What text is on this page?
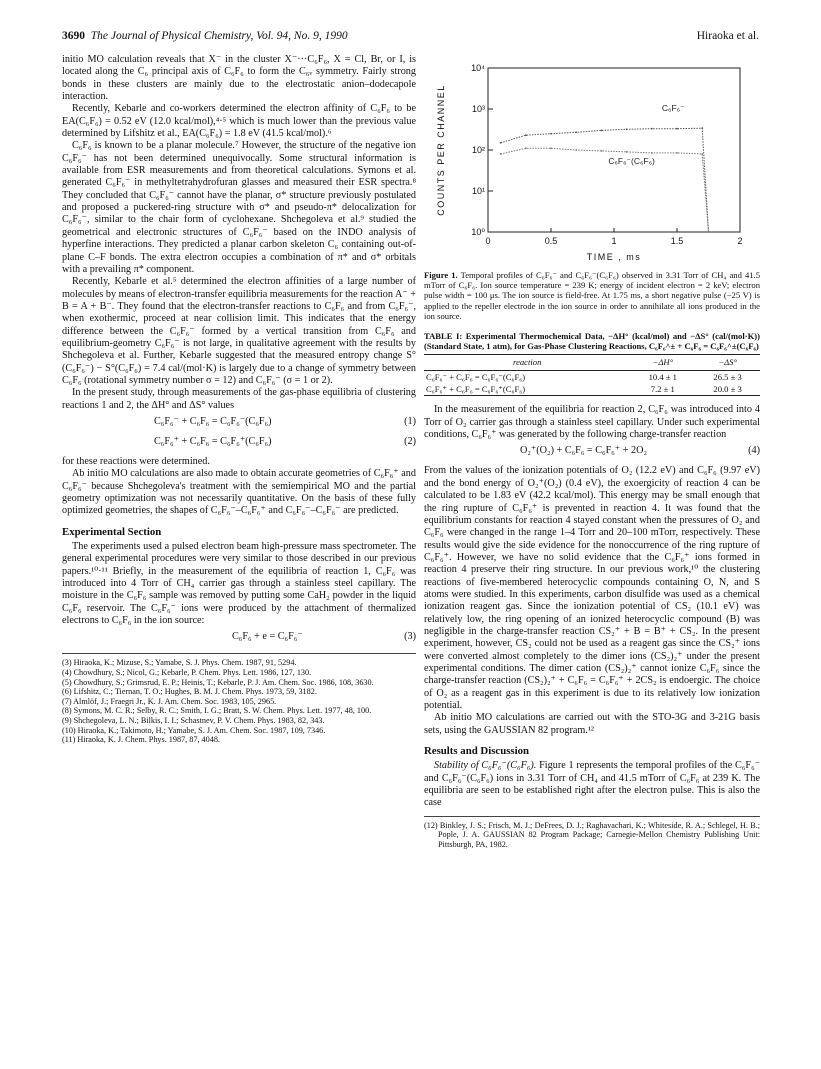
3690 The Journal of Physical Chemistry, Vol. 94, No. 9, 1990	Hiraoka et al.

initio MO calculation reveals that X⁻ in the cluster X⁻···C₆F₆, X = Cl, Br, or I, is located along the C₆ principal axis of C₆F₆ to form the C₆ᵥ symmetry. Fairly strong bonds in these clusters are mainly due to the electrostatic anion–dodecapole interaction.

Recently, Kebarle and co-workers determined the electron affinity of C₆F₆ to be EA(C₆F₆) = 0.52 eV (12.0 kcal/mol),⁴·⁵ which is much lower than the previous value determined by Lifshitz et al., EA(C₆F₆) = 1.8 eV (41.5 kcal/mol).⁶

C₆F₆ is known to be a planar molecule.⁷ However, the structure of the negative ion C₆F₆⁻ has not been determined unequivocally. Some structural information is available from ESR measurements and from theoretical calculations. Symons et al. generated C₆F₆⁻ in methyltetrahydrofuran glasses and measured their ESR spectra.⁸ They concluded that C₆F₆⁻ cannot have the planar, σ* structure previously postulated and proposed a puckered-ring structure with σ* and pseudo-π* delocalization for C₆F₆⁻, similar to the chair form of cyclohexane. Shchegoleva et al.⁹ studied the geometrical and electronic structures of C₆F₆⁻ based on the INDO analysis of hyperfine interactions. They predicted a planar carbon skeleton C₆ containing out-of-plane C–F bonds. The extra electron occupies a combination of π* and σ* orbitals with a prevailing π* component.

Recently, Kebarle et al.⁵ determined the electron affinities of a large number of molecules by means of electron-transfer equilibria measurements for the reaction A⁻ + B = A + B⁻. They found that the electron-transfer reactions to C₆F₆ and from C₆F₆⁻, when exothermic, proceed at near collision limit. This indicates that the energy difference between the C₆F₆⁻ formed by a vertical transition from C₆F₆ and equilibrium-geometry C₆F₆⁻ is not large, in qualitative agreement with the results by Shchegoleva et al. Further, Kebarle suggested that the measured entropy change S°(C₆F₆⁻) − S°(C₆F₆) = 7.4 cal/(mol·K) is largely due to a change of symmetry between C₆F₆ (rotational symmetry number σ = 12) and C₆F₆⁻ (σ = 1 or 2).

In the present study, through measurements of the gas-phase equilibria of clustering reactions 1 and 2, the ΔH° and ΔS° values

C₆F₆⁻ + C₆F₆ = C₆F₆⁻(C₆F₆)	(1)
C₆F₆⁺ + C₆F₆ = C₆F₆⁺(C₆F₆)	(2)

for these reactions were determined.

Ab initio MO calculations are also made to obtain accurate geometries of C₆F₆⁺ and C₆F₆⁻ because Shchegoleva's treatment with the semiempirical MO and the partial geometry optimization was not necessarily quantitative. On the basis of these fully optimized geometries, the shapes of C₆F₆⁻–C₆F₆⁺ and C₆F₆⁻–C₆F₆⁻ are predicted.

Experimental Section

The experiments used a pulsed electron beam high-pressure mass spectrometer. The general experimental procedures were very similar to those described in our previous papers.¹⁰·¹¹ Briefly, in the measurement of the equilibria of reaction 1, C₆F₆ was introduced into 4 Torr of CH₄ carrier gas through a stainless steel capillary. The moisture in the C₆F₆ sample was removed by putting some CaH₂ powder in the liquid C₆F₆ reservoir. The C₆F₆⁻ ions were produced by the attachment of thermalized electrons to C₆F₆ in the ion source:

C₆F₆ + e = C₆F₆⁻	(3)
(3) Hiraoka, K.; Mizuse, S.; Yamabe, S. J. Phys. Chem. 1987, 91, 5294.
(4) Chowdhury, S.; Nicol, G.; Kebarle, P. Chem. Phys. Lett. 1986, 127, 130.
(5) Chowdhury, S.; Grimsrud, E. P.; Heinis, T.; Kebarle, P. J. Am. Chem. Soc. 1986, 108, 3630.
(6) Lifshitz, C.; Tiernan, T. O.; Hughes, B. M. J. Chem. Phys. 1973, 59, 3182.
(7) Almlöf, J.; Fraegri Jr., K. J. Am. Chem. Soc. 1983, 105, 2965.
(8) Symons, M. C. R.; Selby, R. C.; Smith, I. G.; Bratt, S. W. Chem. Phys. Lett. 1977, 48, 100.
(9) Shchegoleva, L. N.; Bilkis, I. I.; Schastnev, P. V. Chem. Phys. 1983, 82, 343.
(10) Hiraoka, K.; Takimoto, H.; Yamabe, S. J. Am. Chem. Soc. 1987, 109, 7346.
(11) Hiraoka, K. J. Chem. Phys. 1987, 87, 4048.
10⁰
10¹
10²
10³
10⁴
0	0.5	1	1.5	2
TIME , ms
COUNTS PER CHANNEL	C₆F₆⁻
C₆F₆⁻(C₆F₆)
Figure 1. Temporal profiles of C₆F₆⁻ and C₆F₆⁻(C₆F₆) observed in 3.31 Torr of CH₄ and 41.5 mTorr of C₆F₆. Ion source temperature = 239 K; energy of incident electron = 2 keV; electron pulse width = 100 μs. The ion source is field-free. At 1.75 ms, a short negative pulse (−25 V) is applied to the repeller electrode in the ion source in order to annihilate all ions produced in the ion source.
TABLE I: Experimental Thermochemical Data, −ΔH° (kcal/mol) and −ΔS° (cal/(mol·K)) (Standard State, 1 atm), for Gas-Phase Clustering Reactions, C₆F₆^± + C₆F₆ = C₆F₆^±(C₆F₆)
reaction	−ΔH°	−ΔS°
C₆F₆⁻ + C₆F₆ = C₆F₆⁻(C₆F₆)	10.4 ± 1	26.5 ± 3
C₆F₆⁺ + C₆F₆ = C₆F₆⁺(C₆F₆)	7.2 ± 1	20.0 ± 3

In the measurement of the equilibria for reaction 2, C₆F₆ was introduced into 4 Torr of O₂ carrier gas through a stainless steel capillary. Under such experimental conditions, C₆F₆⁺ was generated by the following charge-transfer reaction

O₂⁺(O₂) + C₆F₆ = C₆F₆⁺ + 2O₂	(4)

From the values of the ionization potentials of O₂ (12.2 eV) and C₆F₆ (9.97 eV) and the bond energy of O₂⁺(O₂) (0.4 eV), the exoergicity of reaction 4 can be calculated to be 1.83 eV (42.2 kcal/mol). This energy may be small enough that the ring rupture of C₆F₆⁺ is prevented in reaction 4. It was found that the equilibrium constants for reaction 4 stayed constant when the pressures of O₂ and C₆F₆ were changed in the range 1–4 Torr and 20–100 mTorr, respectively. These results would give the side evidence for the nonoccurrence of the ring rupture of C₆F₆⁺. However, we have no solid evidence that the C₆F₆⁺ ions formed in reaction 4 preserve their ring structure. In our previous work,¹⁰ the clustering reactions of five-membered heterocyclic compounds containing O, N, and S atoms were studied. In this experiments, carbon disulfide was used as a chemical ionization reagent gas. Since the ionization potential of CS₂ (10.1 eV) was relatively low, the ring opening of an ionized heterocyclic compound (B) was negligible in the charge-transfer reaction CS₂⁺ + B = B⁺ + CS₂. In the present experiment, however, CS₂ could not be used as a reagent gas since the CS₂⁺ ions were converted almost completely to the dimer ions (CS₂)₂⁺ under the present experimental conditions. The dimer cation (CS₂)₂⁺ cannot ionize C₆F₆ since the charge-transfer reaction (CS₂)₂⁺ + C₆F₆ = C₆F₆⁺ + 2CS₂ is endoergic. The choice of O₂ as a reagent gas in this experiment is due to its relatively low ionization potential.

Ab initio MO calculations are carried out with the STO-3G and 3-21G basis sets, using the GAUSSIAN 82 program.¹²

Results and Discussion

Stability of C₆F₆⁻(C₆F₆). Figure 1 represents the temporal profiles of the C₆F₆⁻ and C₆F₆⁻(C₆F₆) ions in 3.31 Torr of CH₄ and 41.5 mTorr of C₆F₆ at 239 K. The equilibria are seen to be established right after the electron pulse. This is also the case

(12) Binkley, J. S.; Frisch, M. J.; DeFrees, D. J.; Raghavachari, K.; Whiteside, R. A.; Schlegel, H. B.; Pople, J. A. GAUSSIAN 82 Program Package; Carnegie-Mellon Chemistry Publishing Unit: Pittsburgh, PA, 1982.
